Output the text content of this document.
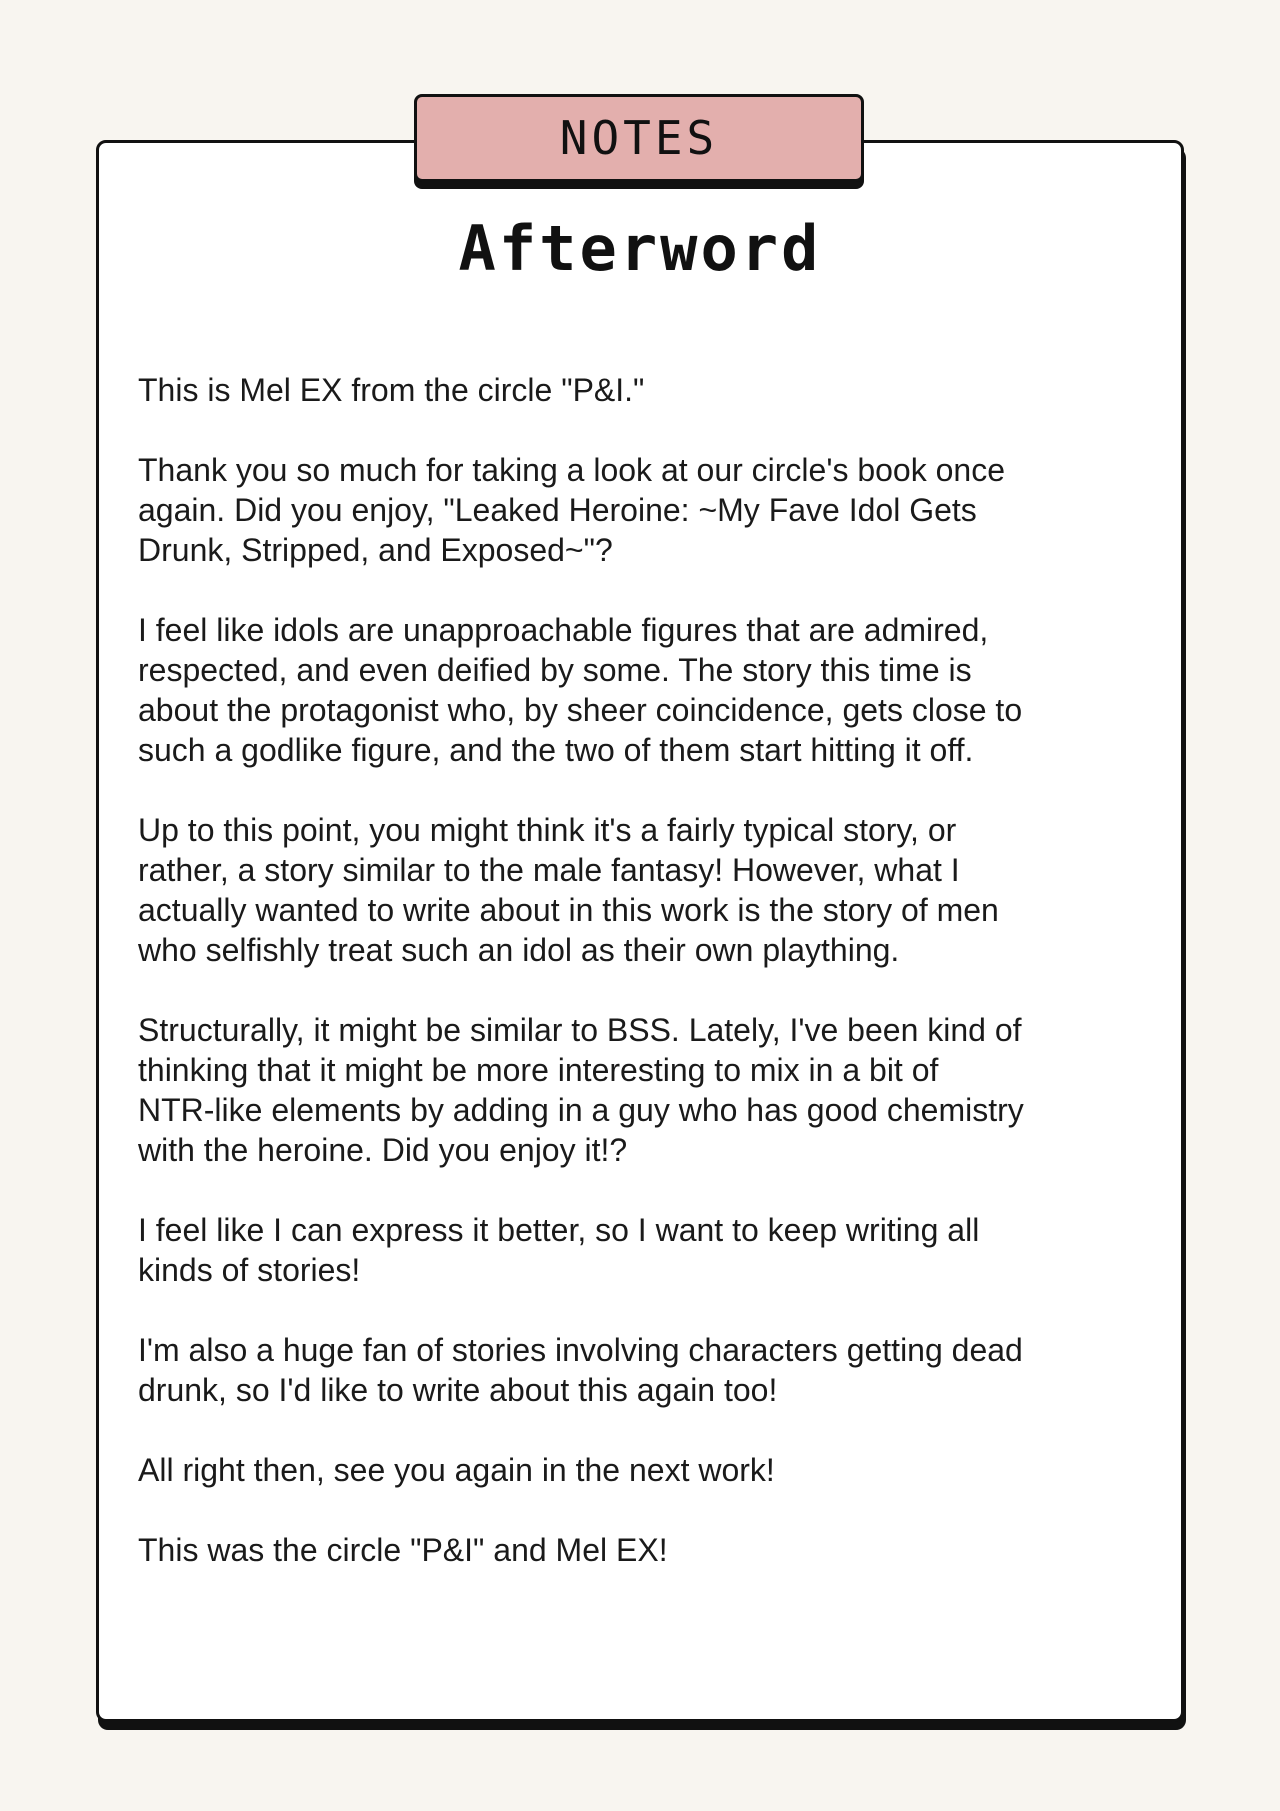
NOTES
Afterword

This is Mel EX from the circle "P&I."

Thank you so much for taking a look at our circle's book once
again. Did you enjoy, "Leaked Heroine: ~My Fave Idol Gets
Drunk, Stripped, and Exposed~"?

I feel like idols are unapproachable figures that are admired,
respected, and even deified by some. The story this time is
about the protagonist who, by sheer coincidence, gets close to
such a godlike figure, and the two of them start hitting it off.

Up to this point, you might think it's a fairly typical story, or
rather, a story similar to the male fantasy! However, what I
actually wanted to write about in this work is the story of men
who selfishly treat such an idol as their own plaything.

Structurally, it might be similar to BSS. Lately, I've been kind of
thinking that it might be more interesting to mix in a bit of
NTR-like elements by adding in a guy who has good chemistry
with the heroine. Did you enjoy it!?

I feel like I can express it better, so I want to keep writing all
kinds of stories!

I'm also a huge fan of stories involving characters getting dead
drunk, so I'd like to write about this again too!

All right then, see you again in the next work!

This was the circle "P&I" and Mel EX!
